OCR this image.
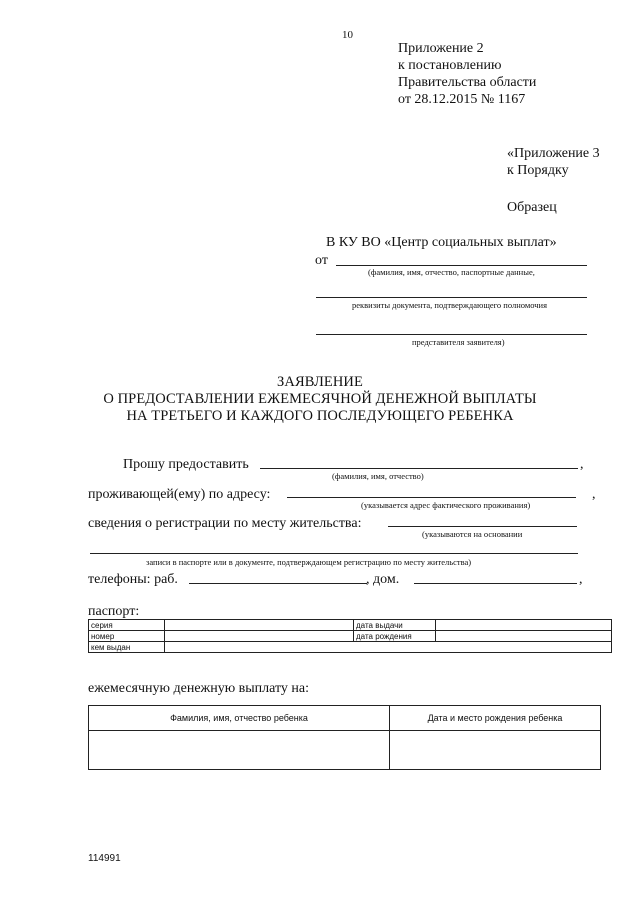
10
Приложение 2
к постановлению
Правительства области
от 28.12.2015 № 1167
«Приложение 3
к Порядку
Образец
В КУ ВО «Центр социальных выплат»
от
(фамилия, имя, отчество, паспортные данные,
реквизиты документа, подтверждающего полномочия
представителя заявителя)
ЗАЯВЛЕНИЕ
О ПРЕДОСТАВЛЕНИИ ЕЖЕМЕСЯЧНОЙ ДЕНЕЖНОЙ ВЫПЛАТЫ
НА ТРЕТЬЕГО И КАЖДОГО ПОСЛЕДУЮЩЕГО РЕБЕНКА
Прошу предоставить	,
(фамилия, имя, отчество)
проживающей(ему) по адресу:	,
(указывается адрес фактического проживания)
сведения о регистрации по месту жительства:
(указываются на основании
записи в паспорте или в документе, подтверждающем регистрацию по месту жительства)
телефоны: раб.	, дом.	,
паспорт:
серия		дата выдачи	
номер		дата рождения	
кем выдан			
ежемесячную денежную выплату на:
Фамилия, имя, отчество ребенка	Дата и место рождения ребенка

114991
